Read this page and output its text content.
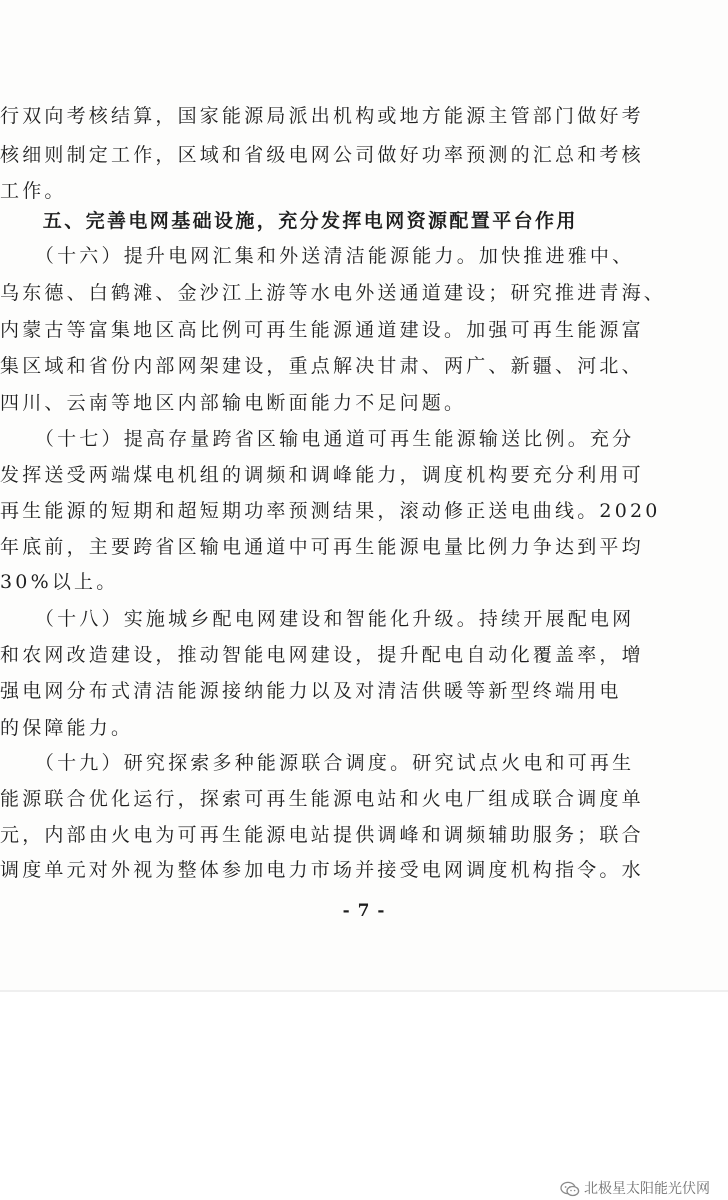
行双向考核结算，国家能源局派出机构或地方能源主管部门做好考
核细则制定工作，区域和省级电网公司做好功率预测的汇总和考核
工作。
　　五、完善电网基础设施，充分发挥电网资源配置平台作用
　　（十六）提升电网汇集和外送清洁能源能力。加快推进雅中、
乌东德、白鹤滩、金沙江上游等水电外送通道建设；研究推进青海、
内蒙古等富集地区高比例可再生能源通道建设。加强可再生能源富
集区域和省份内部网架建设，重点解决甘肃、两广、新疆、河北、
四川、云南等地区内部输电断面能力不足问题。
　　（十七）提高存量跨省区输电通道可再生能源输送比例。充分
发挥送受两端煤电机组的调频和调峰能力，调度机构要充分利用可
再生能源的短期和超短期功率预测结果，滚动修正送电曲线。2020
年底前，主要跨省区输电通道中可再生能源电量比例力争达到平均
30%以上。
　　（十八）实施城乡配电网建设和智能化升级。持续开展配电网
和农网改造建设，推动智能电网建设，提升配电自动化覆盖率，增
强电网分布式清洁能源接纳能力以及对清洁供暖等新型终端用电
的保障能力。
　　（十九）研究探索多种能源联合调度。研究试点火电和可再生
能源联合优化运行，探索可再生能源电站和火电厂组成联合调度单
元，内部由火电为可再生能源电站提供调峰和调频辅助服务；联合
调度单元对外视为整体参加电力市场并接受电网调度机构指令。水
- 7 -
北极星太阳能光伏网
